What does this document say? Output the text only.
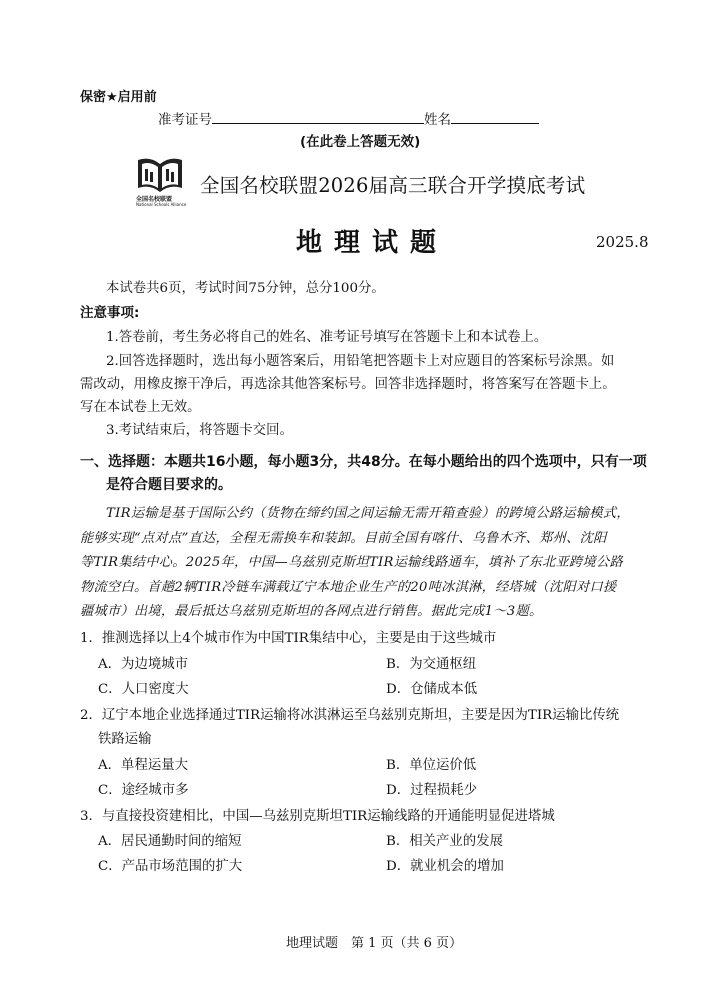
保密★启用前
准考证号	姓名
(在此卷上答题无效)
全国名校联盟
National Schools Alliance
全国名校联盟2026届高三联合开学摸底考试
地理试题	2025.8
本试卷共6页，考试时间75分钟，总分100分。
注意事项:
1.答卷前，考生务必将自己的姓名、准考证号填写在答题卡上和本试卷上。
2.回答选择题时，选出每小题答案后，用铅笔把答题卡上对应题目的答案标号涂黑。如
需改动，用橡皮擦干净后，再选涂其他答案标号。回答非选择题时，将答案写在答题卡上。
写在本试卷上无效。
3.考试结束后，将答题卡交回。
一、选择题：本题共16小题，每小题3分，共48分。在每小题给出的四个选项中，只有一项
是符合题目要求的。
TIR运输是基于国际公约（货物在缔约国之间运输无需开箱查验）的跨境公路运输模式，
能够实现“点对点”直达，全程无需换车和装卸。目前全国有喀什、乌鲁木齐、郑州、沈阳
等TIR集结中心。2025年，中国—乌兹别克斯坦TIR运输线路通车，填补了东北亚跨境公路
物流空白。首趟2辆TIR冷链车满载辽宁本地企业生产的20吨冰淇淋，经塔城（沈阳对口援
疆城市）出境，最后抵达乌兹别克斯坦的各网点进行销售。据此完成1～3题。
1．推测选择以上4个城市作为中国TIR集结中心，主要是由于这些城市
A．为边境城市	B．为交通枢纽
C．人口密度大	D．仓储成本低
2．辽宁本地企业选择通过TIR运输将冰淇淋运至乌兹别克斯坦，主要是因为TIR运输比传统
铁路运输
A．单程运量大	B．单位运价低
C．途经城市多	D．过程损耗少
3．与直接投资建相比，中国—乌兹别克斯坦TIR运输线路的开通能明显促进塔城
A．居民通勤时间的缩短	B．相关产业的发展
C．产品市场范围的扩大	D．就业机会的增加
地理试题　第 1 页（共 6 页）
